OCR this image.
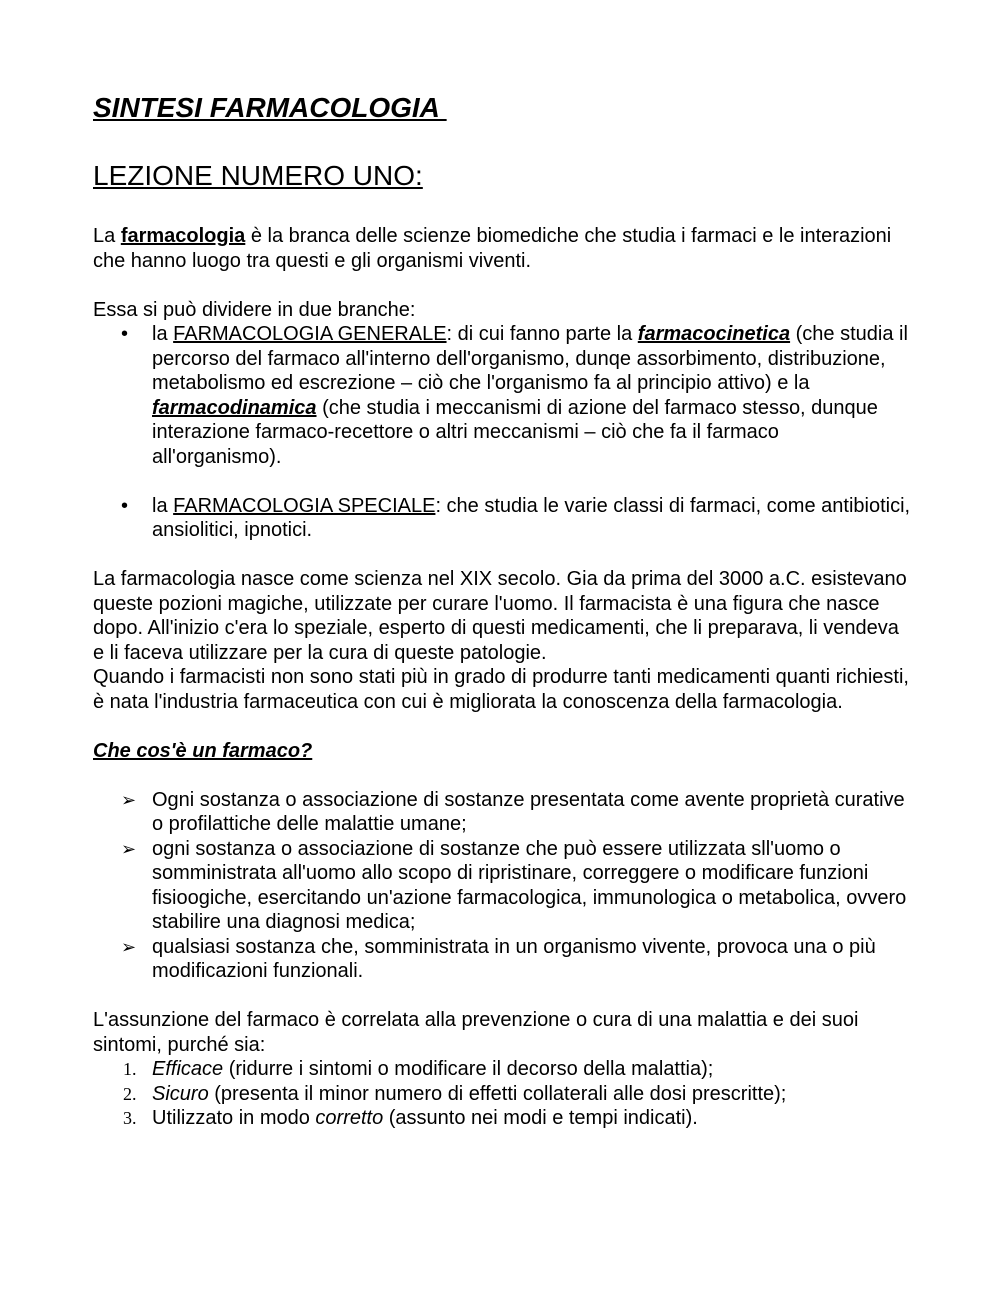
SINTESI FARMACOLOGIA
LEZIONE NUMERO UNO:

La farmacologia è la branca delle scienze biomediche che studia i farmaci e le interazioni che hanno luogo tra questi e gli organismi viventi.

Essa si può dividere in due branche:

•	la FARMACOLOGIA GENERALE: di cui fanno parte la farmacocinetica (che studia il percorso del farmaco all'interno dell'organismo, dunqe assorbimento, distribuzione, metabolismo ed escrezione – ciò che l'organismo fa al principio attivo) e la farmacodinamica (che studia i meccanismi di azione del farmaco stesso, dunque interazione farmaco-recettore o altri meccanismi – ciò che fa il farmaco all'organismo).
•	la FARMACOLOGIA SPECIALE: che studia le varie classi di farmaci, come antibiotici, ansiolitici, ipnotici.

La farmacologia nasce come scienza nel XIX secolo. Gia da prima del 3000 a.C. esistevano queste pozioni magiche, utilizzate per curare l'uomo. Il farmacista è una figura che nasce dopo. All'inizio c'era lo speziale, esperto di questi medicamenti, che li preparava, li vendeva e li faceva utilizzare per la cura di queste patologie.

Quando i farmacisti non sono stati più in grado di produrre tanti medicamenti quanti richiesti, è nata l'industria farmaceutica con cui è migliorata la conoscenza della farmacologia.

Che cos'è un farmaco?

➢ Ogni sostanza o associazione di sostanze presentata come avente proprietà curative o profilattiche delle malattie umane;
➢ ogni sostanza o associazione di sostanze che può essere utilizzata sll'uomo o somministrata all'uomo allo scopo di ripristinare, correggere o modificare funzioni fisioogiche, esercitando un'azione farmacologica, immunologica o metabolica, ovvero stabilire una diagnosi medica;
➢ qualsiasi sostanza che, somministrata in un organismo vivente, provoca una o più modificazioni funzionali.

L'assunzione del farmaco è correlata alla prevenzione o cura di una malattia e dei suoi sintomi, purché sia:

1. Efficace (ridurre i sintomi o modificare il decorso della malattia);
2. Sicuro (presenta il minor numero di effetti collaterali alle dosi prescritte);
3. Utilizzato in modo corretto (assunto nei modi e tempi indicati).
